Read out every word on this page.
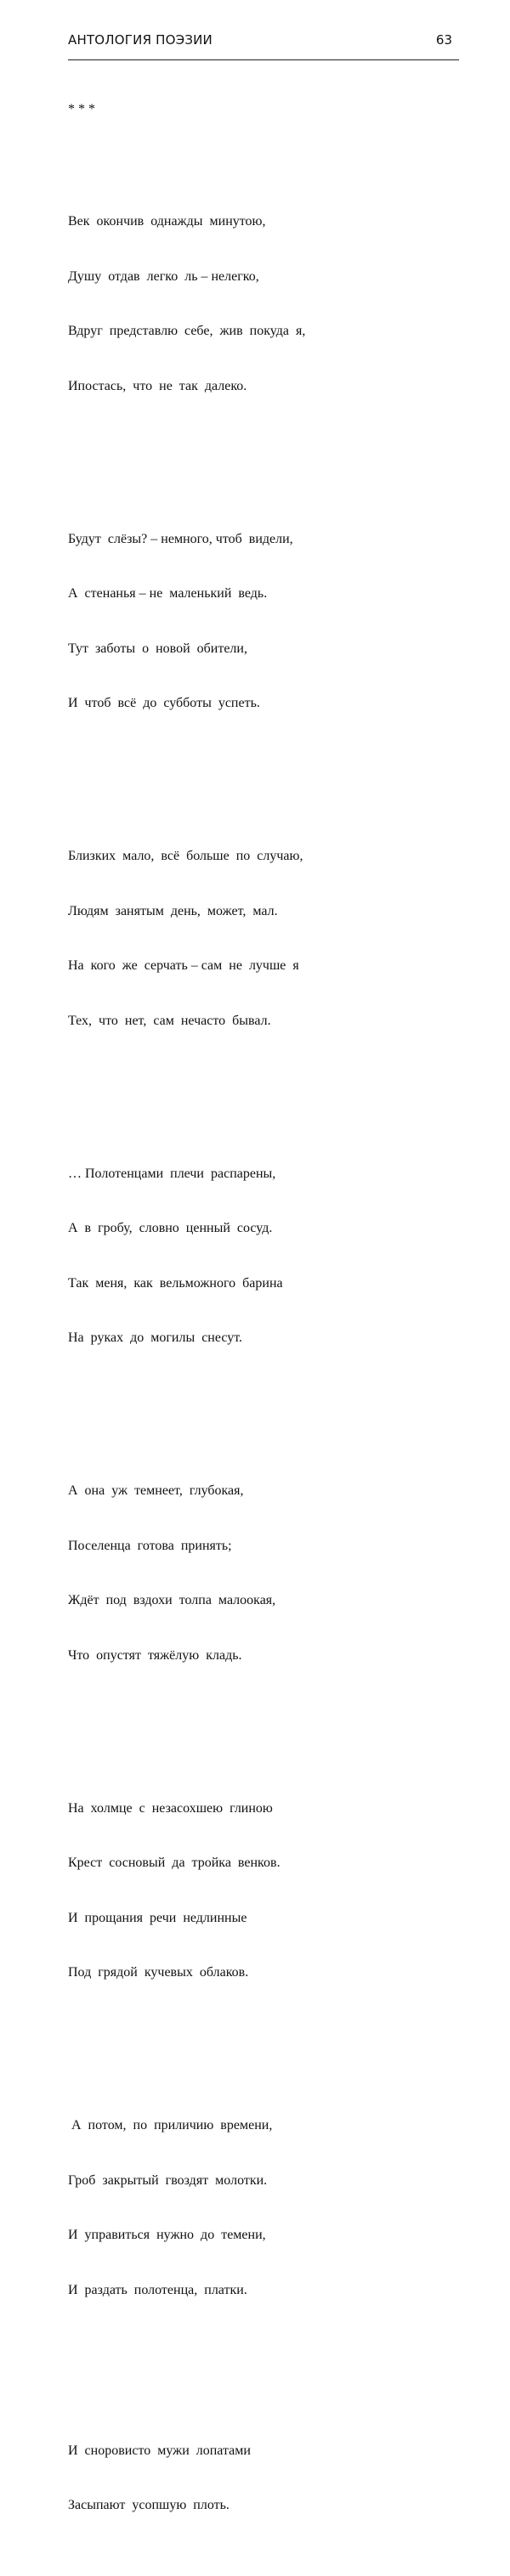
АНТОЛОГИЯ ПОЭЗИИ	63

* * *

Век  окончив  однажды  минутою,

Душу  отдав  легко  ль – нелегко,

Вдруг  представлю  себе,  жив  покуда  я,

Ипостась,  что  не  так  далеко.

Будут  слёзы? – немного, чтоб  видели,

А  стенанья – не  маленький  ведь.

Тут  заботы  о  новой  обители,

И  чтоб  всё  до  субботы  успеть.

Близких  мало,  всё  больше  по  случаю,

Людям  занятым  день,  может,  мал.

На  кого  же  серчать – сам  не  лучше  я

Тех,  что  нет,  сам  нечасто  бывал.

… Полотенцами  плечи  распарены,

А  в  гробу,  словно  ценный  сосуд.

Так  меня,  как  вельможного  барина

На  руках  до  могилы  снесут.

А  она  уж  темнеет,  глубокая,

Поселенца  готова  принять;

Ждёт  под  вздохи  толпа  малоокая,

Что  опустят  тяжёлую  кладь.

На  холмце  с  незасохшею  глиною

Крест  сосновый  да  тройка  венков.

И  прощания  речи  недлинные

Под  грядой  кучевых  облаков.

А  потом,  по  приличию  времени,

Гроб  закрытый  гвоздят  молотки.

И  управиться  нужно  до  темени,

И  раздать  полотенца,  платки.

И  сноровисто  мужи  лопатами

Засыпают  усопшую  плоть.
